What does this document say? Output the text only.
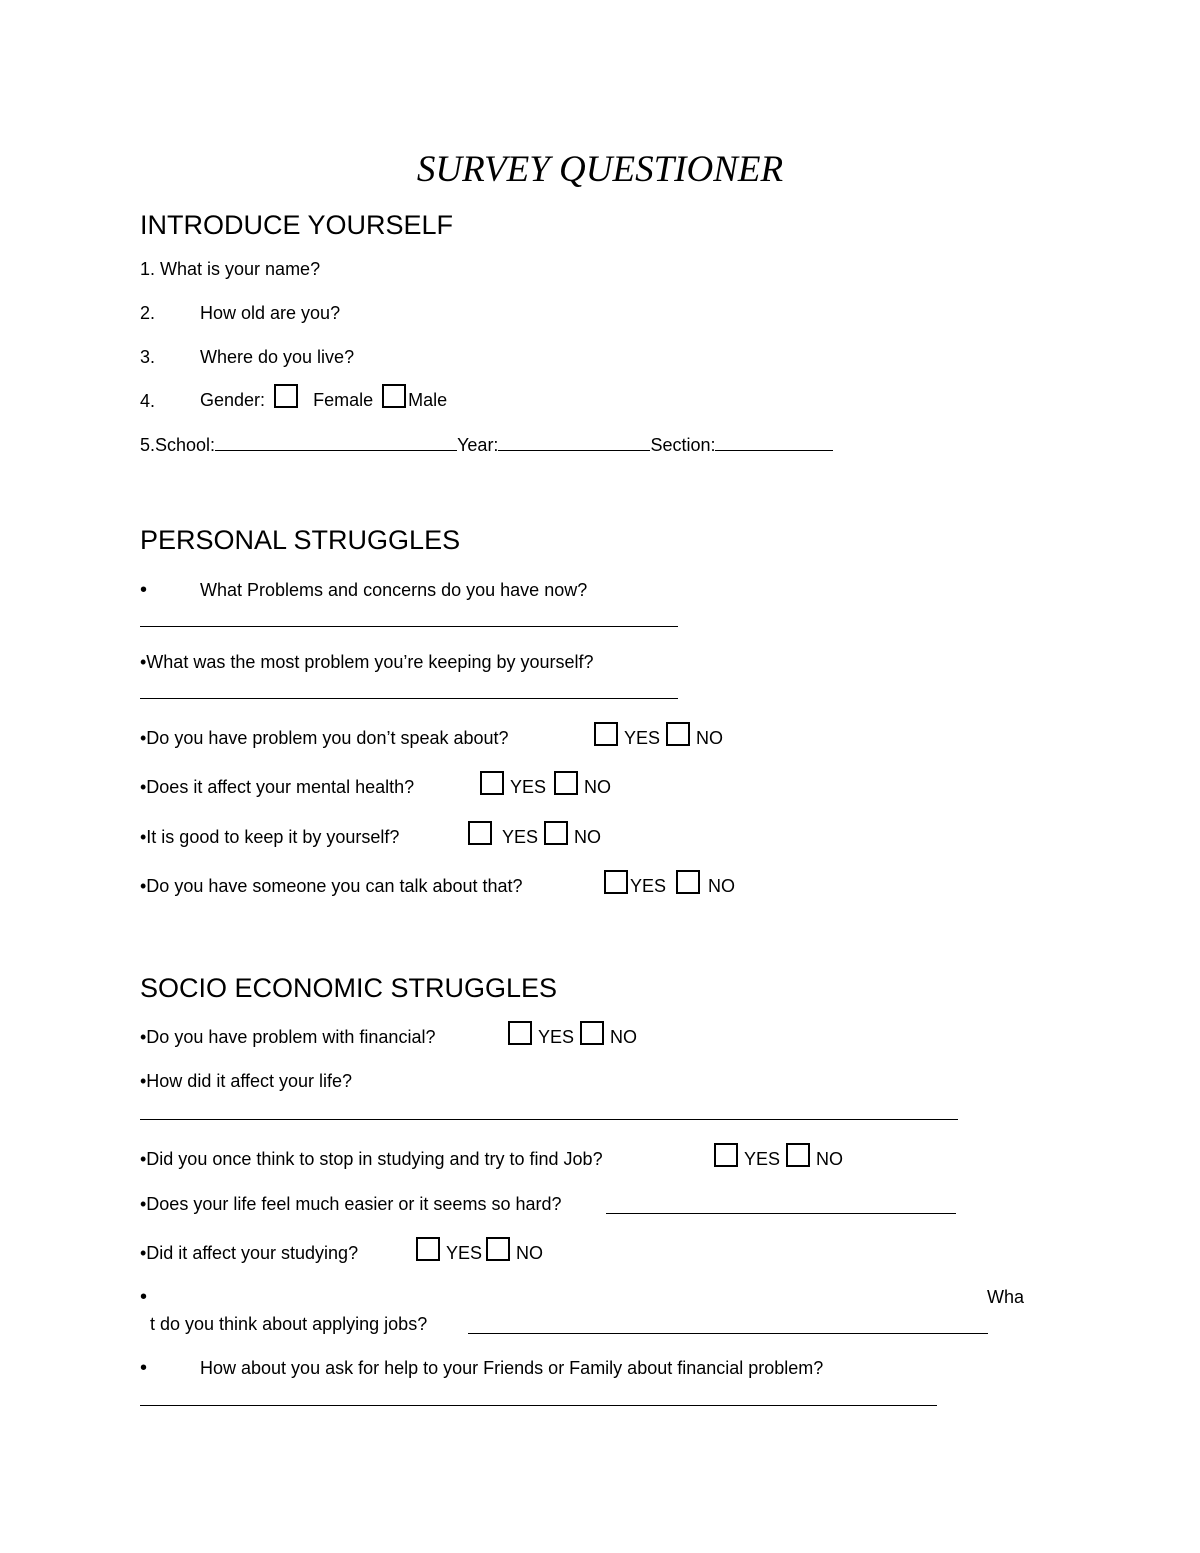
SURVEY QUESTIONER
INTRODUCE YOURSELF
1. What is your name?
2. How old are you?
3. Where do you live?
4. Gender:	Female Male
5.School:	Year:	Section:
PERSONAL STRUGGLES
•	What Problems and concerns do you have now?
•What was the most problem you’re keeping by yourself?
•Do you have problem you don’t speak about?	YES NO
•Does it affect your mental health?	YES NO
•It is good to keep it by yourself?	YES NO
•Do you have someone you can talk about that?	YES NO
SOCIO ECONOMIC STRUGGLES
•Do you have problem with financial?	YES NO
•How did it affect your life?
•Did you once think to stop in studying and try to find Job?	YES NO
•Does your life feel much easier or it seems so hard?
•Did it affect your studying?	YES NO
•	Wha
t do you think about applying jobs?
•	How about you ask for help to your Friends or Family about financial problem?
